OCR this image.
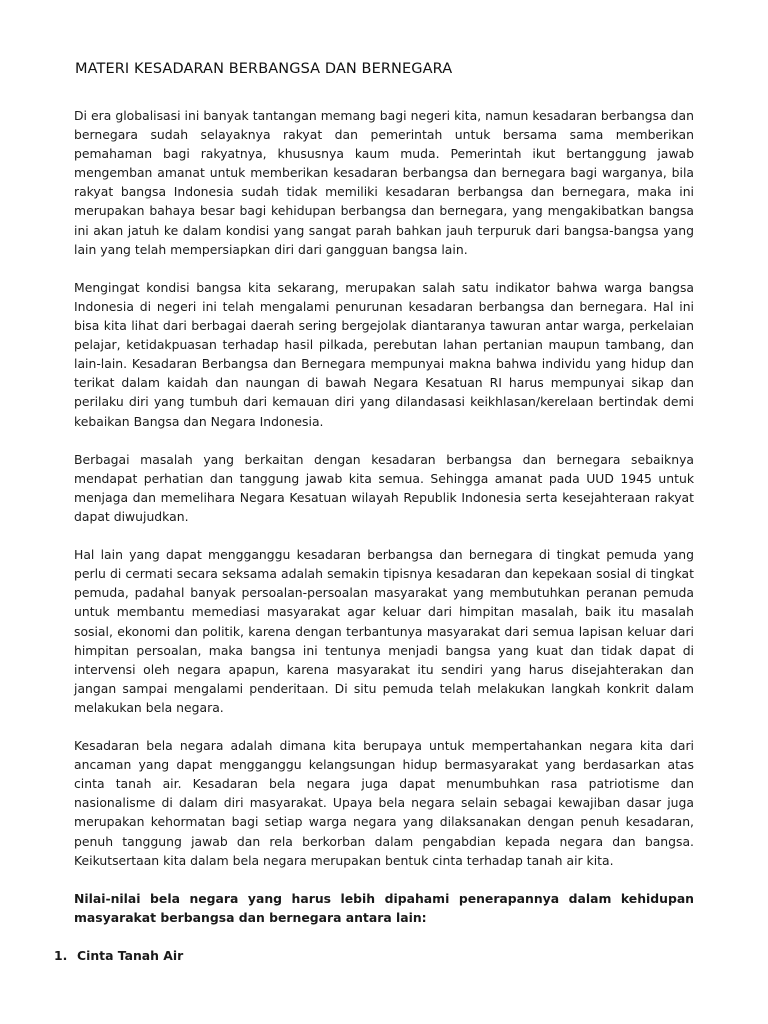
MATERI KESADARAN BERBANGSA DAN BERNEGARA

Di era globalisasi ini banyak tantangan memang bagi negeri kita, namun kesadaran berbangsa dan bernegara sudah selayaknya rakyat dan pemerintah untuk bersama sama memberikan pemahaman bagi rakyatnya, khususnya kaum muda. Pemerintah ikut bertanggung jawab mengemban amanat untuk memberikan kesadaran berbangsa dan bernegara bagi warganya, bila rakyat bangsa Indonesia sudah tidak memiliki kesadaran berbangsa dan bernegara, maka ini merupakan bahaya besar bagi kehidupan berbangsa dan bernegara, yang mengakibatkan bangsa ini akan jatuh ke dalam kondisi yang sangat parah bahkan jauh terpuruk dari bangsa-bangsa yang lain yang telah mempersiapkan diri dari gangguan bangsa lain.

Mengingat kondisi bangsa kita sekarang, merupakan salah satu indikator bahwa warga bangsa Indonesia di negeri ini telah mengalami penurunan kesadaran berbangsa dan bernegara. Hal ini bisa kita lihat dari berbagai daerah sering bergejolak diantaranya tawuran antar warga, perkelaian pelajar, ketidakpuasan terhadap hasil pilkada, perebutan lahan pertanian maupun tambang, dan lain-lain. Kesadaran Berbangsa dan Bernegara mempunyai makna bahwa individu yang hidup dan terikat dalam kaidah dan naungan di bawah Negara Kesatuan RI harus mempunyai sikap dan perilaku diri yang tumbuh dari kemauan diri yang dilandasasi keikhlasan/kerelaan bertindak demi kebaikan Bangsa dan Negara Indonesia.

Berbagai masalah yang berkaitan dengan kesadaran berbangsa dan bernegara sebaiknya mendapat perhatian dan tanggung jawab kita semua. Sehingga amanat pada UUD 1945 untuk menjaga dan memelihara Negara Kesatuan wilayah Republik Indonesia serta kesejahteraan rakyat dapat diwujudkan.

Hal lain yang dapat mengganggu kesadaran berbangsa dan bernegara di tingkat pemuda yang perlu di cermati secara seksama adalah semakin tipisnya kesadaran dan kepekaan sosial di tingkat pemuda, padahal banyak persoalan-persoalan masyarakat yang membutuhkan peranan pemuda untuk membantu memediasi masyarakat agar keluar dari himpitan masalah, baik itu masalah sosial, ekonomi dan politik, karena dengan terbantunya masyarakat dari semua lapisan keluar dari himpitan persoalan, maka bangsa ini tentunya menjadi bangsa yang kuat dan tidak dapat di intervensi oleh negara apapun, karena masyarakat itu sendiri yang harus disejahterakan dan jangan sampai mengalami penderitaan. Di situ pemuda telah melakukan langkah konkrit dalam melakukan bela negara.

Kesadaran bela negara adalah dimana kita berupaya untuk mempertahankan negara kita dari ancaman yang dapat mengganggu kelangsungan hidup bermasyarakat yang berdasarkan atas cinta tanah air. Kesadaran bela negara juga dapat menumbuhkan rasa patriotisme dan nasionalisme di dalam diri masyarakat. Upaya bela negara selain sebagai kewajiban dasar juga merupakan kehormatan bagi setiap warga negara yang dilaksanakan dengan penuh kesadaran, penuh tanggung jawab dan rela berkorban dalam pengabdian kepada negara dan bangsa. Keikutsertaan kita dalam bela negara merupakan bentuk cinta terhadap tanah air kita.

Nilai-nilai bela negara yang harus lebih dipahami penerapannya dalam kehidupan masyarakat berbangsa dan bernegara antara lain:

1. Cinta Tanah Air
